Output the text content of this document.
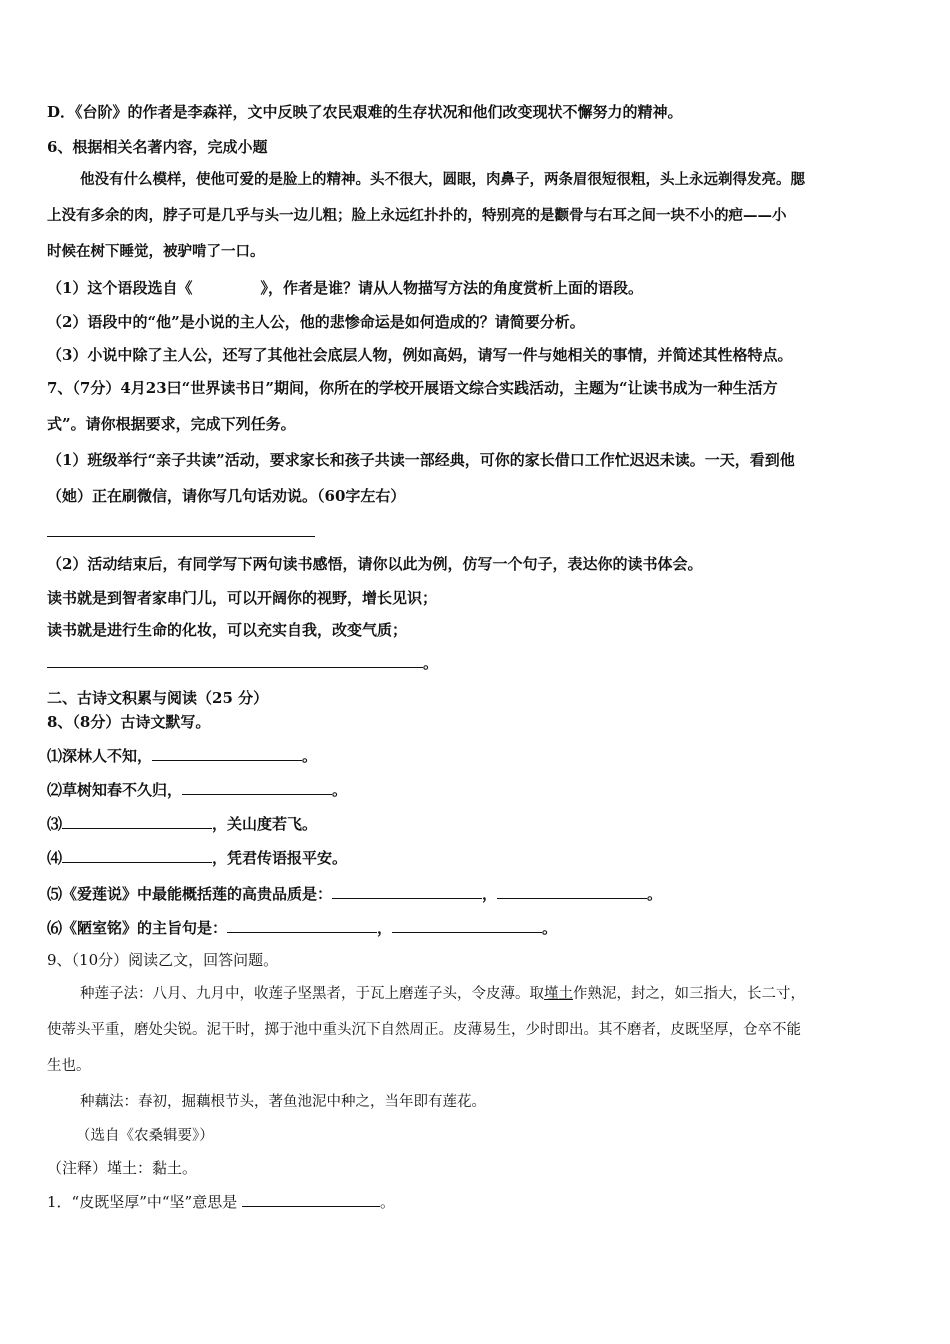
D．《台阶》的作者是李森祥，文中反映了农民艰难的生存状况和他们改变现状不懈努力的精神。
6、根据相关名著内容，完成小题
他没有什么模样，使他可爱的是脸上的精神。头不很大，圆眼，肉鼻子，两条眉很短很粗，头上永远剃得发亮。腮
上没有多余的肉，脖子可是几乎与头一边儿粗；脸上永远红扑扑的，特别亮的是颧骨与右耳之间一块不小的疤——小
时候在树下睡觉，被驴啃了一口。
（1）这个语段选自《	》，作者是谁？请从人物描写方法的角度赏析上面的语段。
（2）语段中的“他”是小说的主人公，他的悲惨命运是如何造成的？请简要分析。
（3）小说中除了主人公，还写了其他社会底层人物，例如高妈，请写一件与她相关的事情，并简述其性格特点。
7、（7分）4月23曰“世界读书日”期间，你所在的学校开展语文综合实践活动，主题为“让读书成为一种生活方
式”。请你根据要求，完成下列任务。
（1）班级举行“亲子共读”活动，要求家长和孩子共读一部经典，可你的家长借口工作忙迟迟未读。一天，看到他
（她）正在刷微信，请你写几句话劝说。（60字左右）
（2）活动结束后，有同学写下两句读书感悟，请你以此为例，仿写一个句子，表达你的读书体会。
读书就是到智者家串门儿，可以开阔你的视野，增长见识；
读书就是进行生命的化妆，可以充实自我，改变气质；
。
二、古诗文积累与阅读（25 分）
8、（8分）古诗文默写。
⑴深林人不知，	。
⑵草树知春不久归，	。
⑶	，关山度若飞。
⑷	，凭君传语报平安。
⑸《爱莲说》中最能概括莲的高贵品质是：	，	。
⑹《陋室铭》的主旨句是：	，	。
9、（10分）阅读乙文，回答问题。
种莲子法：八月、九月中，收莲子坚黑者，于瓦上磨莲子头，令皮薄。取墐土作熟泥，封之，如三指大，长二寸，
使蒂头平重，磨处尖锐。泥干时，掷于池中重头沉下自然周正。皮薄易生，少时即出。其不磨者，皮既坚厚，仓卒不能
生也。
种藕法：春初，掘藕根节头，著鱼池泥中种之，当年即有莲花。
（选自《农桑辑要》）
（注释）墐土：黏土。
1．“皮既坚厚”中“坚”意思是	。
